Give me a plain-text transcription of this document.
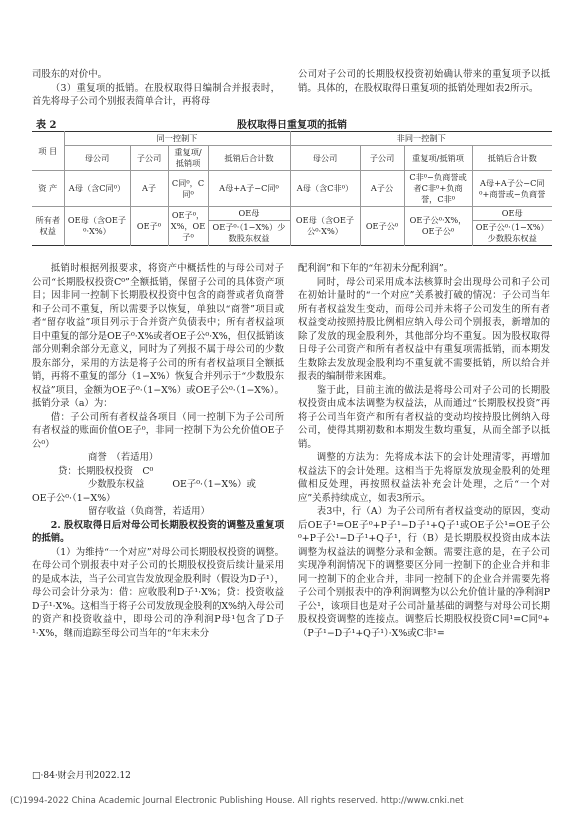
司股东的对价中。

（3）重复项的抵销。在股权取得日编制合并报表时，首先将母子公司个别报表简单合计，再将母

公司对子公司的长期股权投资初始确认带来的重复项予以抵销。具体的，在股权取得日重复项的抵销处理如表2所示。

表 2	股权取得日重复项的抵销
项 目	同一控制下				非同一控制下			
	母公司	子公司	重复项/抵销项	抵销后合计数	母公司	子公司	重复项/抵销项	抵销后合计数
资 产	A母（含C同⁰）	A子	C同⁰，C同⁰	A母+A子−C同⁰	A母（含C非⁰）	A子公	C非⁰−负商誉或者C非⁰+负商誉，C非⁰	A母+A子公−C同⁰+商誉或−负商誉
所有者权益	OE母（含OE子⁰·X%）	OE子⁰	OE子⁰，X%，OE子⁰	OE母	OE母（含OE子公⁰·X%）	OE子公⁰	OE子公⁰·X%，OE子公⁰	OE母
				OE子⁰·（1−X%）少数股东权益				OE子公⁰·（1−X%）少数股东权益

抵销时根据列报要求，将资产中概括性的与母公司对子公司“长期股权投资C⁰”全额抵销，保留子公司的具体资产项目；因非同一控制下长期股权投资中包含的商誉或者负商誉和子公司不重复，所以需要予以恢复，单独以“商誉”项目或者“留存收益”项目列示于合并资产负债表中；所有者权益项目中重复的部分是OE子⁰·X%或者OE子公⁰·X%，但仅抵销该部分则剩余部分无意义，同时为了列报不属于母公司的少数股东部分，采用的方法是将子公司的所有者权益项目全额抵销，再将不重复的部分（1−X%）恢复合并列示于“少数股东权益”项目，金额为OE子⁰·（1−X%）或OE子公⁰·（1−X%）。抵销分录（a）为：

借：子公司所有者权益各项目（同一控制下为子公司所有者权益的账面价值OE子⁰，非同一控制下为公允价值OE子公⁰）

商誉　（若适用）

贷：长期股权投资　C⁰

少数股东权益　　　OE子⁰·（1−X%）或

OE子公⁰·（1−X%）

留存收益（负商誉，若适用）

2. 股权取得日后对母公司长期股权投资的调整及重复项的抵销。

（1）为维持“一个对应”对母公司长期股权投资的调整。在母公司个别报表中对子公司的长期股权投资后续计量采用的是成本法，当子公司宣告发放现金股利时（假设为D子¹），母公司会计分录为：借：应收股利D子¹·X%；贷：投资收益D子¹·X%。这相当于将子公司发放现金股利的X%纳入母公司的资产和投资收益中，即母公司的净利润P母¹包含了D子¹·X%，继而追踪至母公司当年的“年末未分

配利润”和下年的“年初未分配利润”。

同时，母公司采用成本法核算时会出现母公司和子公司在初始计量时的“一个对应”关系被打破的情况：子公司当年所有者权益发生变动，而母公司并未将子公司发生的所有者权益变动按照持股比例相应纳入母公司个别报表，新增加的除了发放的现金股利外，其他部分均不重复。因为股权取得日母子公司资产和所有者权益中有重复项需抵销，而本期发生数除去发放现金股利均不重复就不需要抵销，所以给合并报表的编制带来困难。

鉴于此，目前主流的做法是将母公司对子公司的长期股权投资由成本法调整为权益法，从而通过“长期股权投资”再将子公司当年资产和所有者权益的变动均按持股比例纳入母公司，使得其期初数和本期发生数均重复，从而全部予以抵销。

调整的方法为：先将成本法下的会计处理清零，再增加权益法下的会计处理。这相当于先将原发放现金股利的处理做相反处理，再按照权益法补充会计处理，之后“一个对应”关系持续成立，如表3所示。

表3中，行（A）为子公司所有者权益变动的原因，变动后OE子¹=OE子⁰+P子¹−D子¹+Q子¹或OE子公¹=OE子公⁰+P子公¹−D子¹+Q子¹，行（B）是长期股权投资由成本法调整为权益法的调整分录和金额。需要注意的是，在子公司实现净利润情况下的调整要区分同一控制下的企业合并和非同一控制下的企业合并，非同一控制下的企业合并需要先将子公司个别报表中的净利润调整为以公允价值计量的净利润P子公¹，该项目也是对子公司計量基础的调整与对母公司长期股权投资调整的连接点。调整后长期股权投资C同¹=C同⁰+（P子¹−D子¹+Q子¹）·X%或C非¹=

□·84·财会月刊2022.12
(C)1994-2022 China Academic Journal Electronic Publishing House. All rights reserved. http://www.cnki.net
